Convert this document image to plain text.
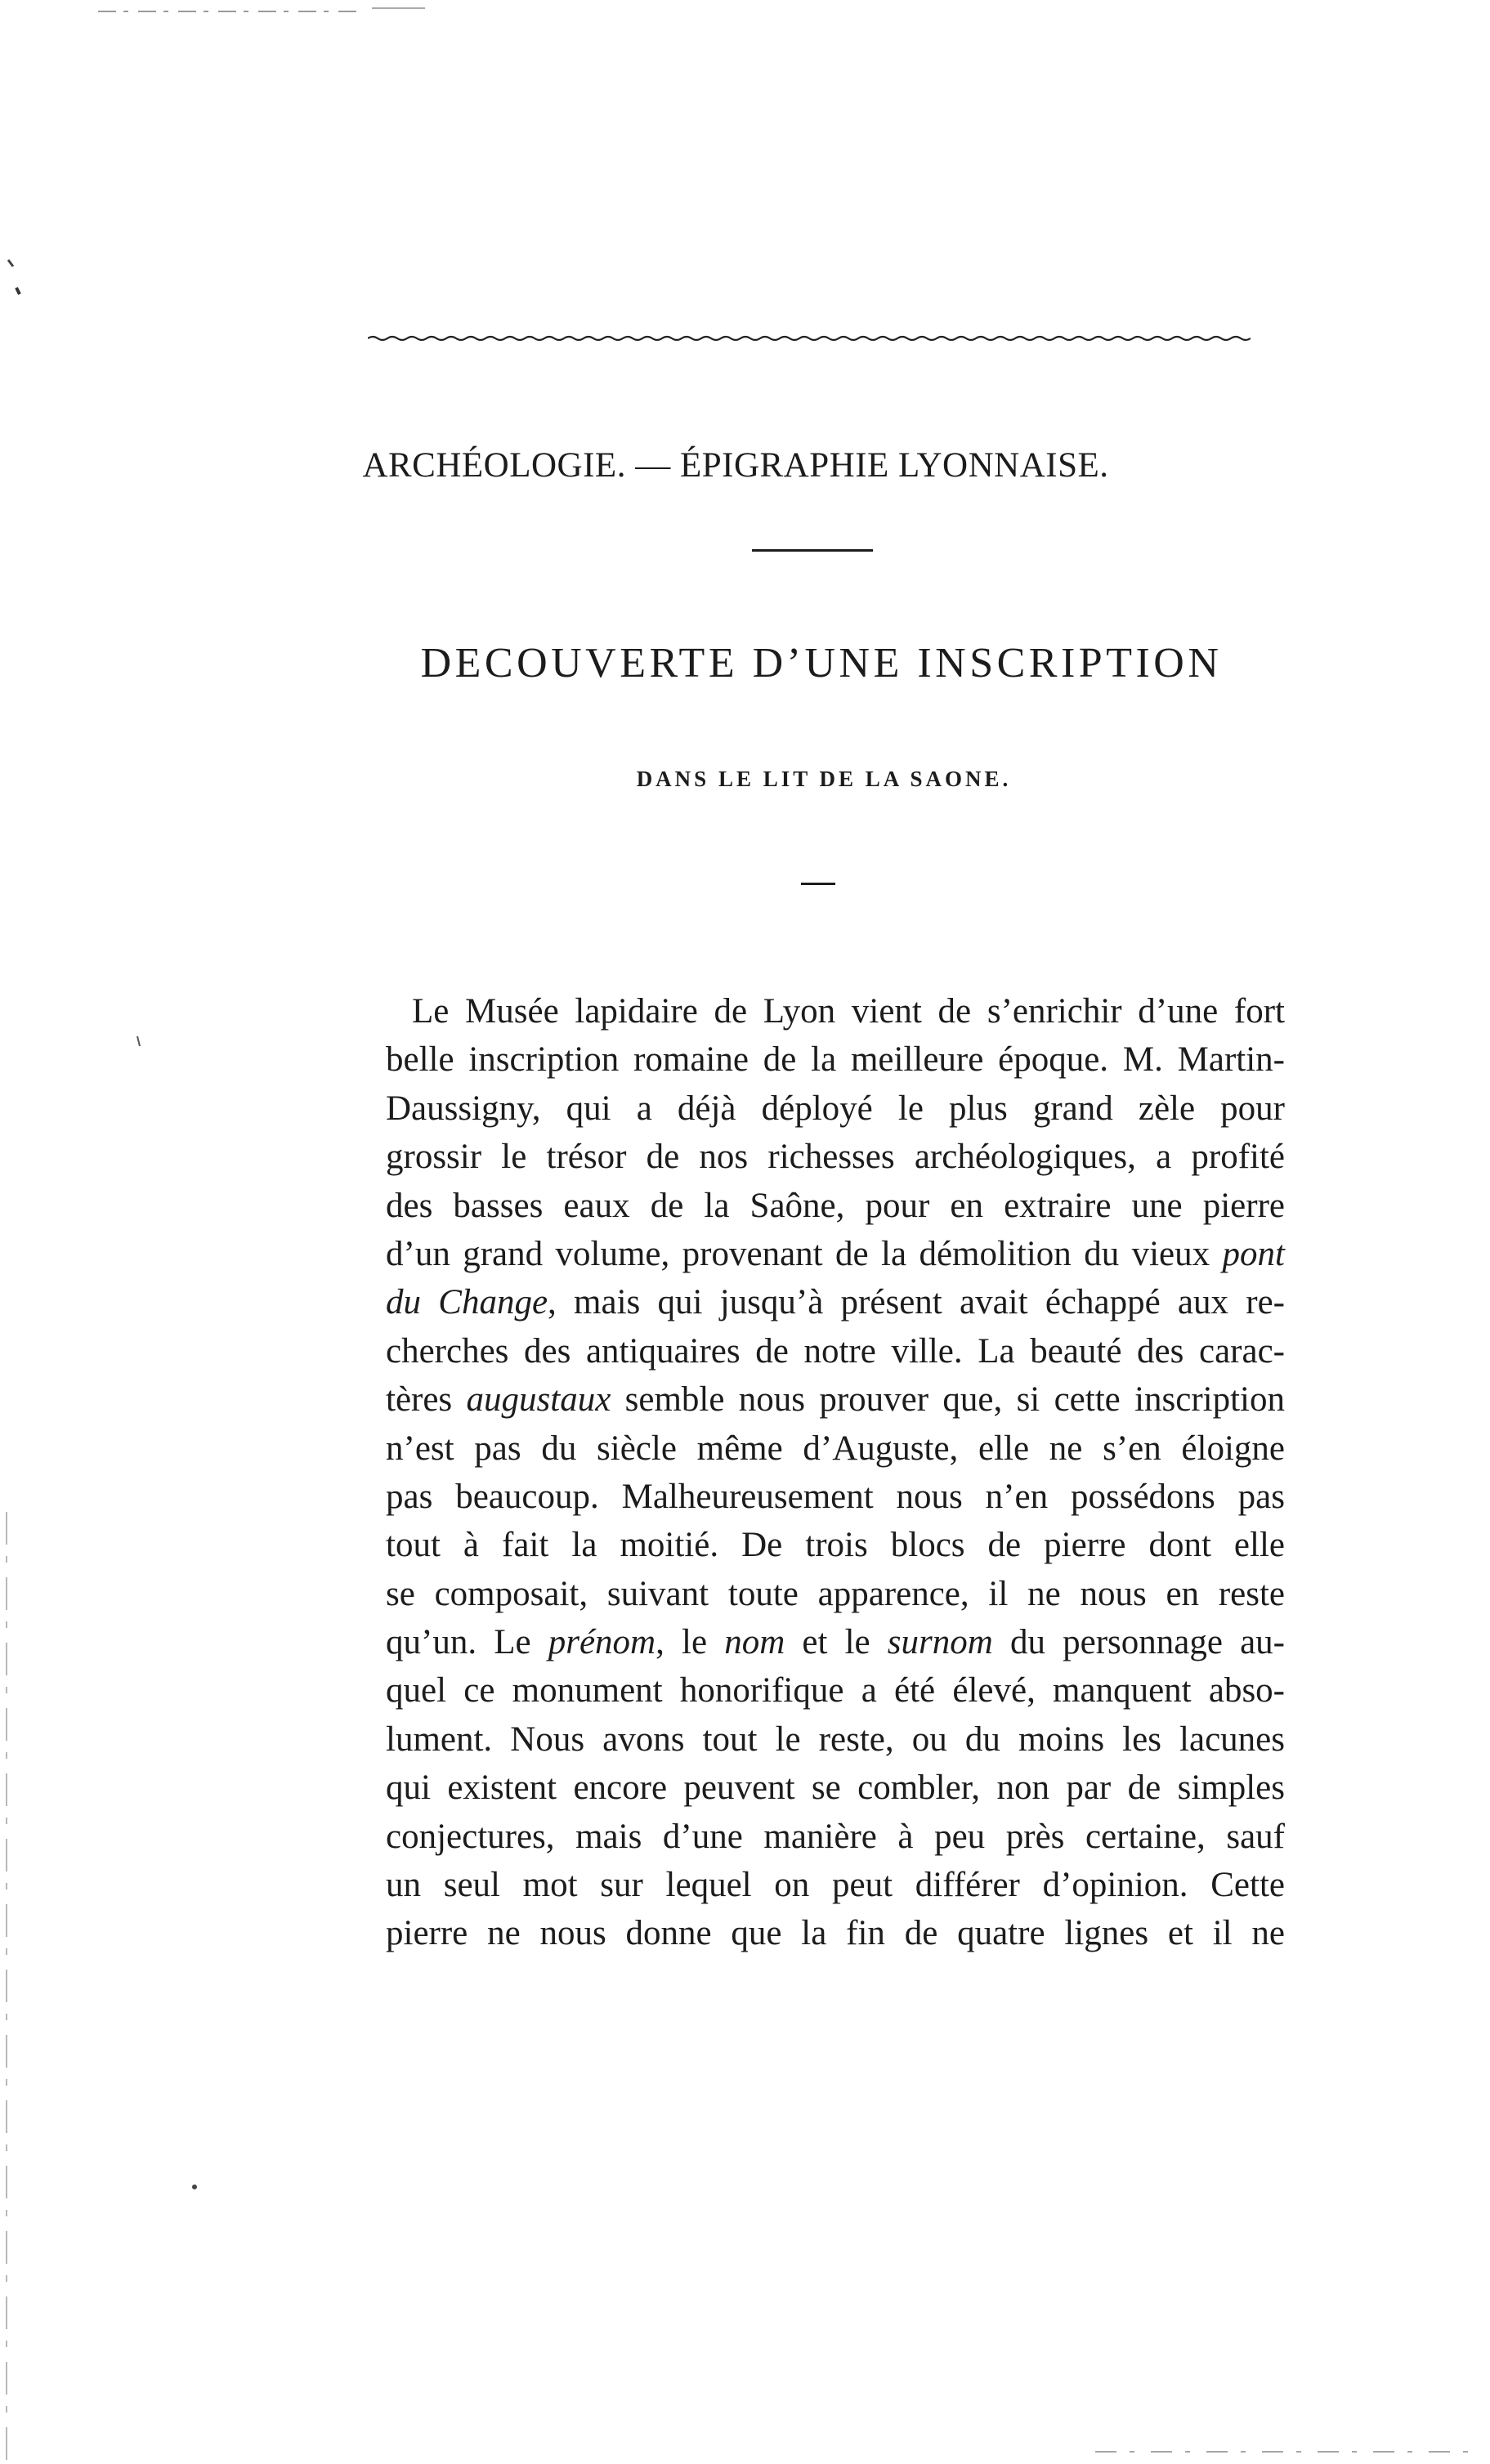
ARCHÉOLOGIE. — ÉPIGRAPHIE LYONNAISE.
DECOUVERTE D’UNE INSCRIPTION
DANS LE LIT DE LA SAONE.
Le Musée lapidaire de Lyon vient de s’enrichir d’une fort
belle inscription romaine de la meilleure époque. M. Martin-
Daussigny, qui a déjà déployé le plus grand zèle pour
grossir le trésor de nos richesses archéologiques, a profité
des basses eaux de la Saône, pour en extraire une pierre
d’un grand volume, provenant de la démolition du vieux pont
du Change, mais qui jusqu’à présent avait échappé aux re-
cherches des antiquaires de notre ville. La beauté des carac-
tères augustaux semble nous prouver que, si cette inscription
n’est pas du siècle même d’Auguste, elle ne s’en éloigne
pas beaucoup. Malheureusement nous n’en possédons pas
tout à fait la moitié. De trois blocs de pierre dont elle
se composait, suivant toute apparence, il ne nous en reste
qu’un. Le prénom, le nom et le surnom du personnage au-
quel ce monument honorifique a été élevé, manquent abso-
lument. Nous avons tout le reste, ou du moins les lacunes
qui existent encore peuvent se combler, non par de simples
conjectures, mais d’une manière à peu près certaine, sauf
un seul mot sur lequel on peut différer d’opinion. Cette
pierre ne nous donne que la fin de quatre lignes et il ne
